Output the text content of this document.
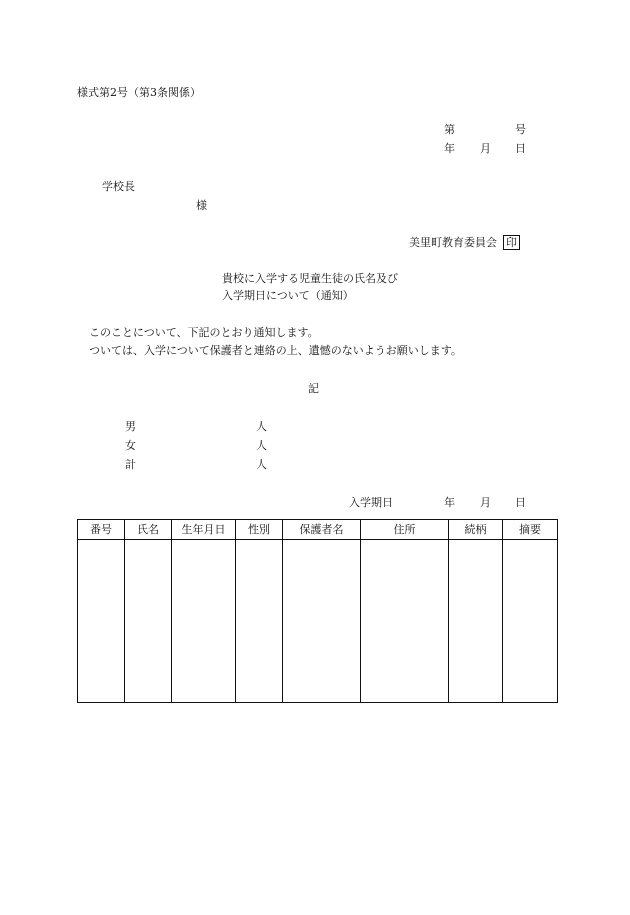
様式第2号（第3条関係）
第	号
年 月 日
学校長
様
美里町教育委員会 印
貴校に入学する児童生徒の氏名及び
入学期日について（通知）
このことについて、下記のとおり通知します。
ついては、入学について保護者と連絡の上、遺憾のないようお願いします。
記
男	人
女	人
計	人
入学期日	年 月 日
番号	氏名	生年月日	性別	保護者名	住所	続柄	摘要
